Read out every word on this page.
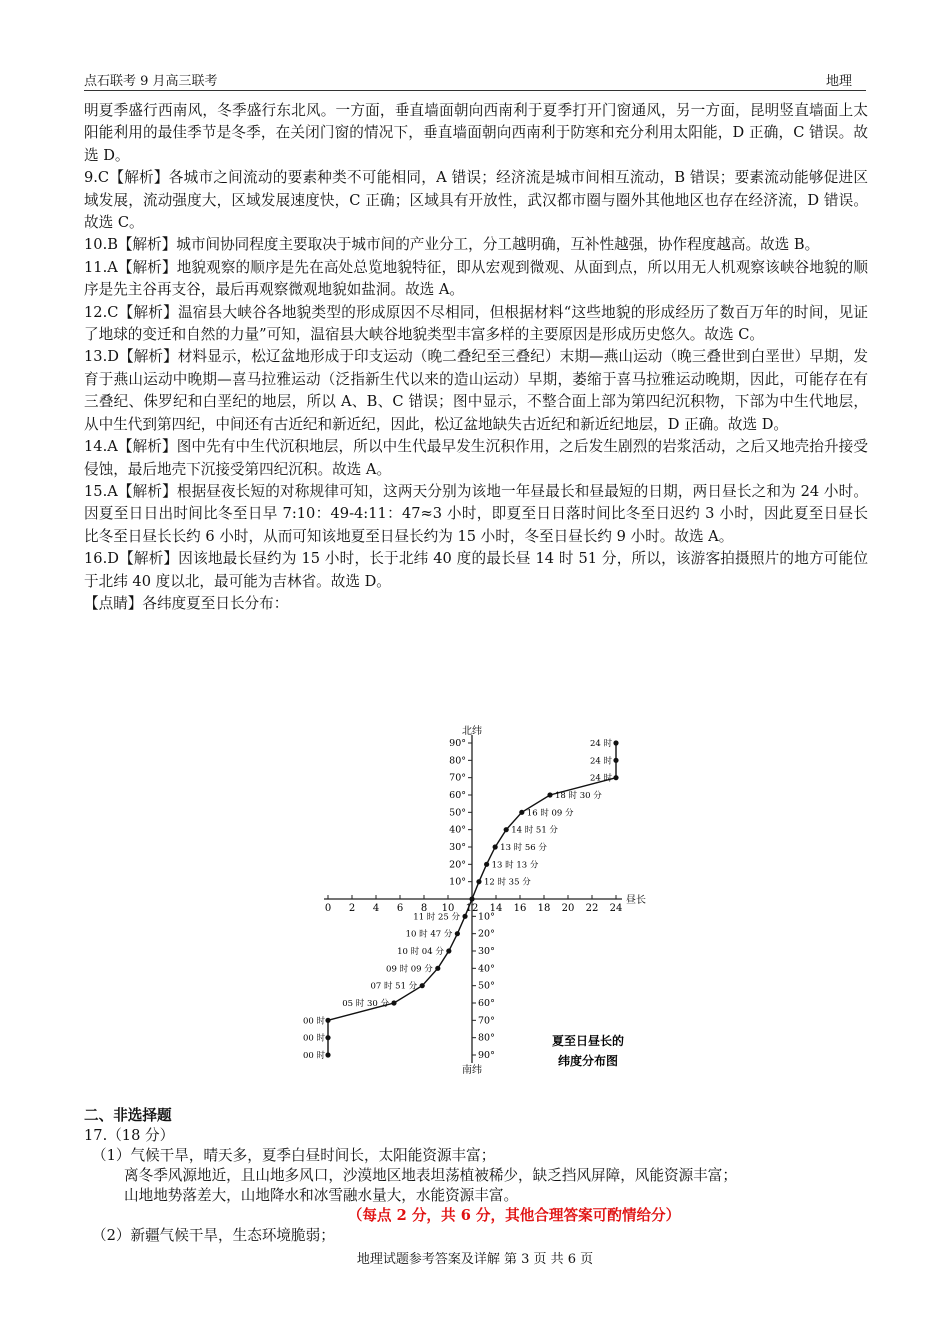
点石联考 9 月高三联考	地理

明夏季盛行西南风，冬季盛行东北风。一方面，垂直墙面朝向西南利于夏季打开门窗通风，另一方面，昆明竖直墙面上太阳能利用的最佳季节是冬季，在关闭门窗的情况下，垂直墙面朝向西南利于防寒和充分利用太阳能，D 正确，C 错误。故选 D。

9.C【解析】各城市之间流动的要素种类不可能相同，A 错误；经济流是城市间相互流动，B 错误；要素流动能够促进区域发展，流动强度大，区域发展速度快，C 正确；区域具有开放性，武汉都市圈与圈外其他地区也存在经济流，D 错误。故选 C。

10.B【解析】城市间协同程度主要取决于城市间的产业分工，分工越明确，互补性越强，协作程度越高。故选 B。

11.A【解析】地貌观察的顺序是先在高处总览地貌特征，即从宏观到微观、从面到点，所以用无人机观察该峡谷地貌的顺序是先主谷再支谷，最后再观察微观地貌如盐洞。故选 A。

12.C【解析】温宿县大峡谷各地貌类型的形成原因不尽相同，但根据材料“这些地貌的形成经历了数百万年的时间，见证了地球的变迁和自然的力量”可知，温宿县大峡谷地貌类型丰富多样的主要原因是形成历史悠久。故选 C。

13.D【解析】材料显示，松辽盆地形成于印支运动（晚二叠纪至三叠纪）末期—燕山运动（晚三叠世到白垩世）早期，发育于燕山运动中晚期—喜马拉雅运动（泛指新生代以来的造山运动）早期，萎缩于喜马拉雅运动晚期，因此，可能存在有三叠纪、侏罗纪和白垩纪的地层，所以 A、B、C 错误；图中显示，不整合面上部为第四纪沉积物，下部为中生代地层，从中生代到第四纪，中间还有古近纪和新近纪，因此，松辽盆地缺失古近纪和新近纪地层，D 正确。故选 D。

14.A【解析】图中先有中生代沉积地层，所以中生代最早发生沉积作用，之后发生剧烈的岩浆活动，之后又地壳抬升接受侵蚀，最后地壳下沉接受第四纪沉积。故选 A。

15.A【解析】根据昼夜长短的对称规律可知，这两天分别为该地一年昼最长和昼最短的日期，两日昼长之和为 24 小时。因夏至日日出时间比冬至日早 7:10：49-4:11：47≈3 小时，即夏至日日落时间比冬至日迟约 3 小时，因此夏至日昼长比冬至日昼长长约 6 小时，从而可知该地夏至日昼长约为 15 小时，冬至日昼长约 9 小时。故选 A。

16.D【解析】因该地最长昼约为 15 小时，长于北纬 40 度的最长昼 14 时 51 分，所以，该游客拍摄照片的地方可能位于北纬 40 度以北，最可能为吉林省。故选 D。

【点睛】各纬度夏至日长分布：

0 2 4 6 8 10 12 14 16 18 20 22 24
昼长
10°
20°
30°
40°
50°
60°
70°
80°
90°
10°
20°
30°
40°
50°
60°
70°
80°
90°
北纬
南纬
24 时
24 时
24 时
18 时 30 分
16 时 09 分
14 时 51 分
13 时 56 分
13 时 13 分
12 时 35 分
11 时 25 分
10 时 47 分
10 时 04 分
09 时 09 分
07 时 51 分
05 时 30 分
00 时
00 时
00 时
夏至日昼长的
纬度分布图
二、非选择题

17.（18 分）

（1）气候干旱，晴天多，夏季白昼时间长，太阳能资源丰富；

离冬季风源地近，且山地多风口，沙漠地区地表坦荡植被稀少，缺乏挡风屏障，风能资源丰富；

山地地势落差大，山地降水和冰雪融水量大，水能资源丰富。

（每点 2 分，共 6 分，其他合理答案可酌情给分）

（2）新疆气候干旱，生态环境脆弱；

地理试题参考答案及详解 第 3 页 共 6 页
